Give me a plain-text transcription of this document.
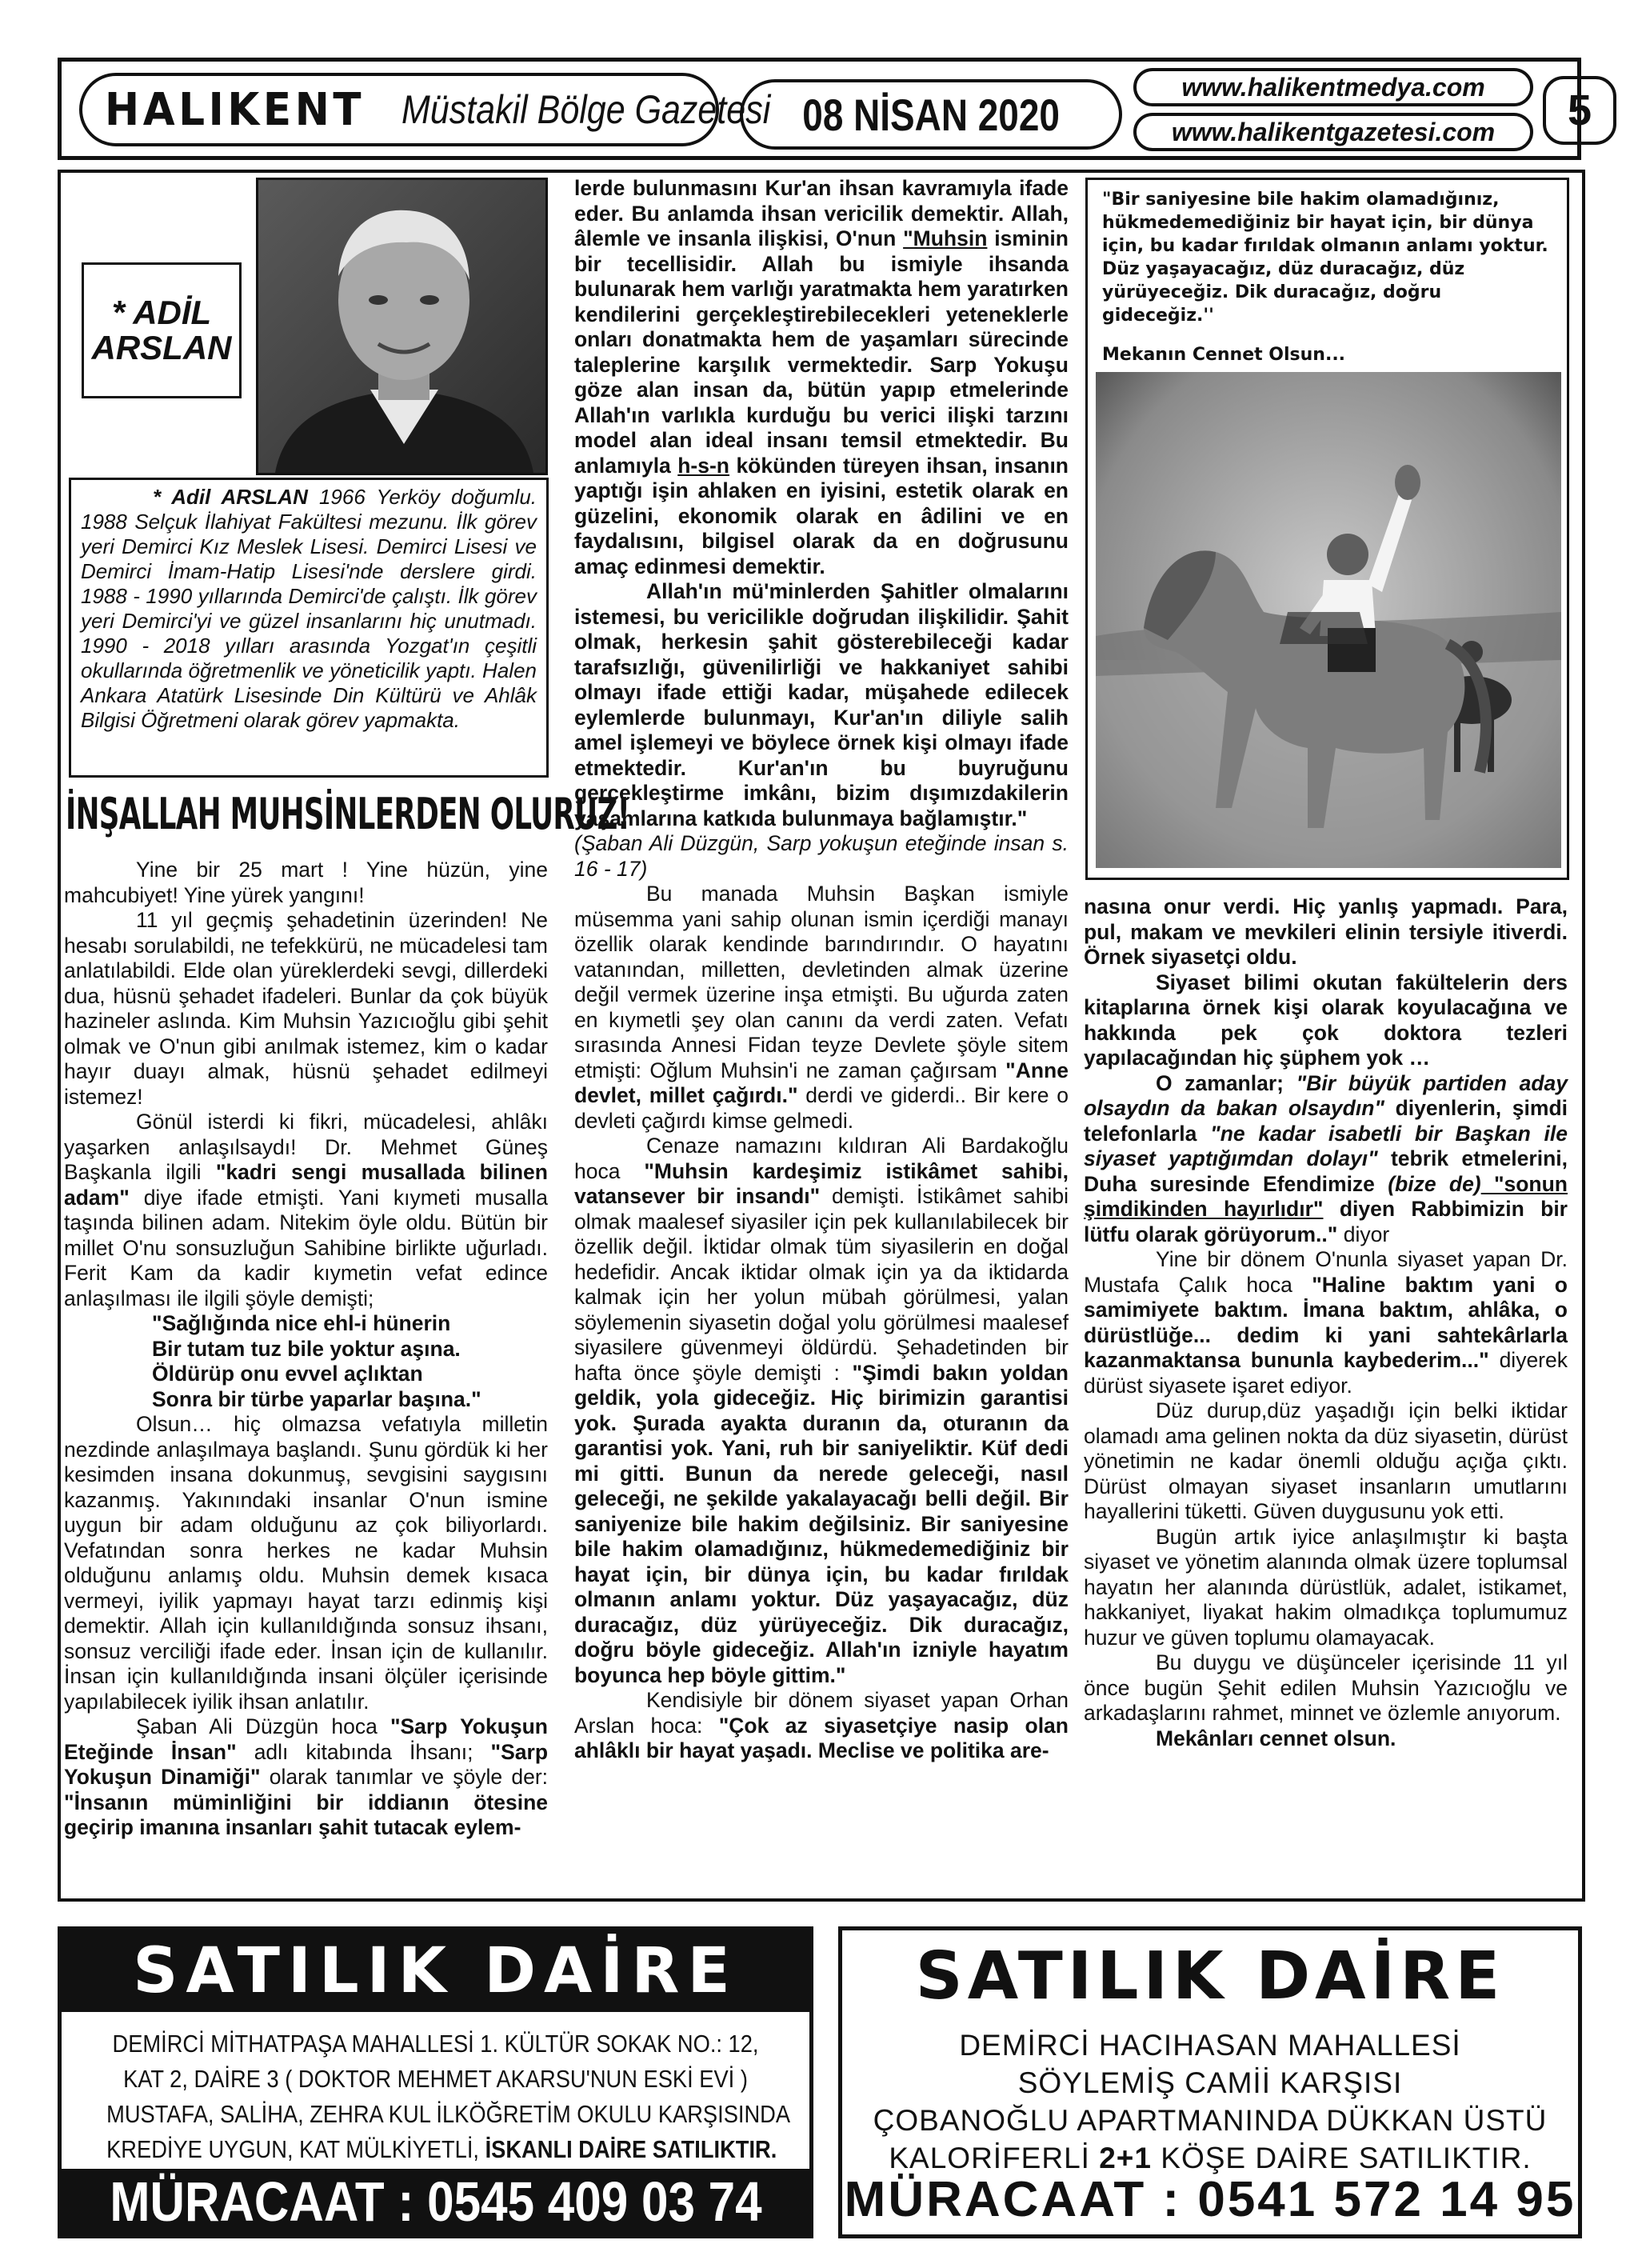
HALIKENT Müstakil Bölge Gazetesi 08 NİSAN 2020
www.halikentmedya.com
www.halikentgazetesi.com	5
* ADİL
ARSLAN
* Adil ARSLAN 1966 Yerköy doğumlu. 1988 Selçuk İlahiyat Fakültesi mezunu. İlk görev yeri Demirci Kız Meslek Lisesi. Demirci Lisesi ve Demirci İmam-Hatip Lisesi'nde derslere girdi. 1988 - 1990 yıllarında Demirci'de çalıştı. İlk görev yeri Demirci'yi ve güzel insanlarını hiç unutmadı. 1990 - 2018 yılları arasında Yozgat'ın çeşitli okullarında öğretmenlik ve yöneticilik yaptı. Halen Ankara Atatürk Lisesinde Din Kültürü ve Ahlâk Bilgisi Öğretmeni olarak görev yapmakta.
İNŞALLAH MUHSİNLERDEN OLURUZ!

Yine bir 25 mart ! Yine hüzün, yine mahcubiyet! Yine yürek yangını!

11 yıl geçmiş şehadetinin üzerinden! Ne hesabı sorulabildi, ne tefekkürü, ne mücadelesi tam anlatılabildi. Elde olan yüreklerdeki sevgi, dillerdeki dua, hüsnü şehadet ifadeleri. Bunlar da çok büyük hazineler aslında. Kim Muhsin Yazıcıoğlu gibi şehit olmak ve O'nun gibi anılmak istemez, kim o kadar hayır duayı almak, hüsnü şehadet edilmeyi istemez!

Gönül isterdi ki fikri, mücadelesi, ahlâkı yaşarken anlaşılsaydı! Dr. Mehmet Güneş Başkanla ilgili "kadri sengi musallada bilinen adam" diye ifade etmişti. Yani kıymeti musalla taşında bilinen adam. Nitekim öyle oldu. Bütün bir millet O'nu sonsuzluğun Sahibine birlikte uğurladı. Ferit Kam da kadir kıymetin vefat edince anlaşılması ile ilgili şöyle demişti;

"Sağlığında nice ehl-i hünerin

Bir tutam tuz bile yoktur aşına.

Öldürüp onu evvel açlıktan

Sonra bir türbe yaparlar başına."

Olsun… hiç olmazsa vefatıyla milletin nezdinde anlaşılmaya başlandı. Şunu gördük ki her kesimden insana dokunmuş, sevgisini saygısını kazanmış. Yakınındaki insanlar O'nun ismine uygun bir adam olduğunu az çok biliyorlardı. Vefatından sonra herkes ne kadar Muhsin olduğunu anlamış oldu. Muhsin demek kısaca vermeyi, iyilik yapmayı hayat tarzı edinmiş kişi demektir. Allah için kullanıldığında sonsuz ihsanı, sonsuz verciliği ifade eder. İnsan için de kullanılır. İnsan için kullanıldığında insani ölçüler içerisinde yapılabilecek iyilik ihsan anlatılır.

Şaban Ali Düzgün hoca "Sarp Yokuşun Eteğinde İnsan" adlı kitabında İhsanı; "Sarp Yokuşun Dinamiği" olarak tanımlar ve şöyle der: "İnsanın müminliğini bir iddianın ötesine geçirip imanına insanları şahit tutacak eylem-

lerde bulunmasını Kur'an ihsan kavramıyla ifade eder. Bu anlamda ihsan vericilik demektir. Allah, âlemle ve insanla ilişkisi, O'nun "Muhsin isminin bir tecellisidir. Allah bu ismiyle ihsanda bulunarak hem varlığı yaratmakta hem yaratırken kendilerini gerçekleştirebilecekleri yeteneklerle onları donatmakta hem de yaşamları sürecinde taleplerine karşılık vermektedir. Sarp Yokuşu göze alan insan da, bütün yapıp etmelerinde Allah'ın varlıkla kurduğu bu verici ilişki tarzını model alan ideal insanı temsil etmektedir. Bu anlamıyla h-s-n kökünden türeyen ihsan, insanın yaptığı işin ahlaken en iyisini, estetik olarak en güzelini, ekonomik olarak en âdilini ve en faydalısını, bilgisel olarak da en doğrusunu amaç edinmesi demektir.

Allah'ın mü'minlerden Şahitler olmalarını istemesi, bu vericilikle doğrudan ilişkilidir. Şahit olmak, herkesin şahit gösterebileceği kadar tarafsızlığı, güvenilirliği ve hakkaniyet sahibi olmayı ifade ettiği kadar, müşahede edilecek eylemlerde bulunmayı, Kur'an'ın diliyle salih amel işlemeyi ve böylece örnek kişi olmayı ifade etmektedir. Kur'an'ın bu buyruğunu gerçekleştirme imkânı, bizim dışımızdakilerin yaşamlarına katkıda bulunmaya bağlamıştır."

(Şaban Ali Düzgün, Sarp yokuşun eteğinde insan s. 16 - 17)

Bu manada Muhsin Başkan ismiyle müsemma yani sahip olunan ismin içerdiği manayı özellik olarak kendinde barındırındır. O hayatını vatanından, milletten, devletinden almak üzerine değil vermek üzerine inşa etmişti. Bu uğurda zaten en kıymetli şey olan canını da verdi zaten. Vefatı sırasında Annesi Fidan teyze Devlete şöyle sitem etmişti: Oğlum Muhsin'i ne zaman çağırsam "Anne devlet, millet çağırdı." derdi ve giderdi.. Bir kere o devleti çağırdı kimse gelmedi.

Cenaze namazını kıldıran Ali Bardakoğlu hoca "Muhsin kardeşimiz istikâmet sahibi, vatansever bir insandı" demişti. İstikâmet sahibi olmak maalesef siyasiler için pek kullanılabilecek bir özellik değil. İktidar olmak tüm siyasilerin en doğal hedefidir. Ancak iktidar olmak için ya da iktidarda kalmak için her yolun mübah görülmesi, yalan söylemenin siyasetin doğal yolu görülmesi maalesef siyasilere güvenmeyi öldürdü. Şehadetinden bir hafta önce şöyle demişti : "Şimdi bakın yoldan geldik, yola gideceğiz. Hiç birimizin garantisi yok. Şurada ayakta duranın da, oturanın da garantisi yok. Yani, ruh bir saniyeliktir. Küf dedi mi gitti. Bunun da nerede geleceği, nasıl geleceği, ne şekilde yakalayacağı belli değil. Bir saniyenize bile hakim değilsiniz. Bir saniyesine bile hakim olamadığınız, hükmedemediğiniz bir hayat için, bir dünya için, bu kadar fırıldak olmanın anlamı yoktur. Düz yaşayacağız, düz duracağız, düz yürüyeceğiz. Dik duracağız, doğru böyle gideceğiz. Allah'ın izniyle hayatım boyunca hep böyle gittim."

Kendisiyle bir dönem siyaset yapan Orhan Arslan hoca: "Çok az siyasetçiye nasip olan ahlâklı bir hayat yaşadı. Meclise ve politika are-

"Bir saniyesine bile hakim olamadığınız, hükmedemediğiniz bir hayat için, bir dünya için, bu kadar fırıldak olmanın anlamı yoktur. Düz yaşayacağız, düz duracağız, düz yürüyeceğiz. Dik duracağız, doğru gideceğiz.''
Mekanın Cennet Olsun...

nasına onur verdi. Hiç yanlış yapmadı. Para, pul, makam ve mevkileri elinin tersiyle itiverdi. Örnek siyasetçi oldu.

Siyaset bilimi okutan fakültelerin ders kitaplarına örnek kişi olarak koyulacağına ve hakkında pek çok doktora tezleri yapılacağından hiç şüphem yok …

O zamanlar; "Bir büyük partiden aday olsaydın da bakan olsaydın" diyenlerin, şimdi telefonlarla "ne kadar isabetli bir Başkan ile siyaset yaptığımdan dolayı" tebrik etmelerini, Duha suresinde Efendimize (bize de) "sonun şimdikinden hayırlıdır" diyen Rabbimizin bir lütfu olarak görüyorum.." diyor

Yine bir dönem O'nunla siyaset yapan Dr. Mustafa Çalık hoca "Haline baktım yani o samimiyete baktım. İmana baktım, ahlâka, o dürüstlüğe... dedim ki yani sahtekârlarla kazanmaktansa bununla kaybederim..." diyerek dürüst siyasete işaret ediyor.

Düz durup,düz yaşadığı için belki iktidar olamadı ama gelinen nokta da düz siyasetin, dürüst yönetimin ne kadar önemli olduğu açığa çıktı. Dürüst olmayan siyaset insanların umutlarını hayallerini tüketti. Güven duygusunu yok etti.

Bugün artık iyice anlaşılmıştır ki başta siyaset ve yönetim alanında olmak üzere toplumsal hayatın her alanında dürüstlük, adalet, istikamet, hakkaniyet, liyakat hakim olmadıkça toplumumuz huzur ve güven toplumu olamayacak.

Bu duygu ve düşünceler içerisinde 11 yıl önce bugün Şehit edilen Muhsin Yazıcıoğlu ve arkadaşlarını rahmet, minnet ve özlemle anıyorum.

Mekânları cennet olsun.

SATILIK DAİRE
DEMİRCİ MİTHATPAŞA MAHALLESİ 1. KÜLTÜR SOKAK NO.: 12,
KAT 2, DAİRE 3 ( DOKTOR MEHMET AKARSU'NUN ESKİ EVİ )
MUSTAFA, SALİHA, ZEHRA KUL İLKÖĞRETİM OKULU KARŞISINDA
KREDİYE UYGUN, KAT MÜLKİYETLİ, İSKANLI DAİRE SATILIKTIR.
MÜRACAAT : 0545 409 03 74
SATILIK DAİRE
DEMİRCİ HACIHASAN MAHALLESİ
SÖYLEMİŞ CAMİİ KARŞISI
ÇOBANOĞLU APARTMANINDA DÜKKAN ÜSTÜ
KALORİFERLİ 2+1 KÖŞE DAİRE SATILIKTIR.
MÜRACAAT : 0541 572 14 95
